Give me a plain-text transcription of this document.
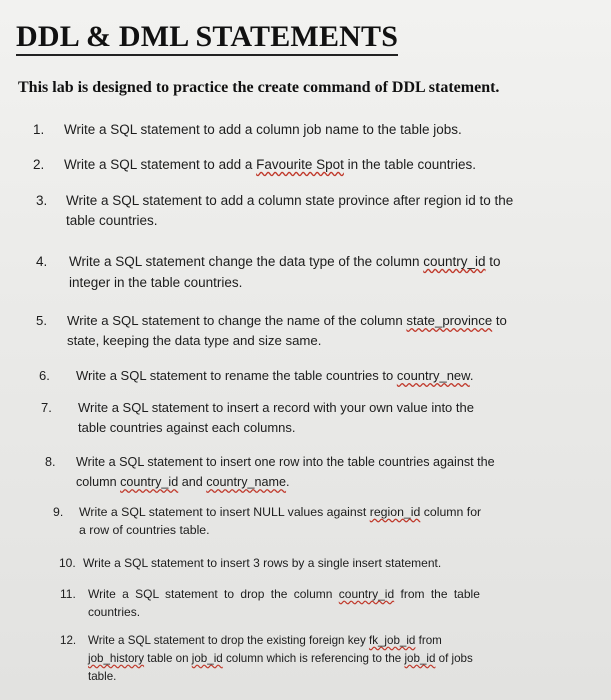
DDL & DML STATEMENTS
This lab is designed to practice the create command of DDL statement.
1. Write a SQL statement to add a column job name to the table jobs.
2. Write a SQL statement to add a Favourite Spot in the table countries.
3. Write a SQL statement to add a column state province after region id to the
table countries.
4. Write a SQL statement change the data type of the column country_id to
integer in the table countries.
5. Write a SQL statement to change the name of the column state_province to
state, keeping the data type and size same.
6. Write a SQL statement to rename the table countries to country_new.
7. Write a SQL statement to insert a record with your own value into the
table countries against each columns.
8. Write a SQL statement to insert one row into the table countries against the
column country_id and country_name.
9. Write a SQL statement to insert NULL values against region_id column for
a row of countries table.
10. Write a SQL statement to insert 3 rows by a single insert statement.
11. Write a SQL statement to drop the column country_id from the table
countries.
12. Write a SQL statement to drop the existing foreign key fk_job_id from
job_history table on job_id column which is referencing to the job_id of jobs
table.
